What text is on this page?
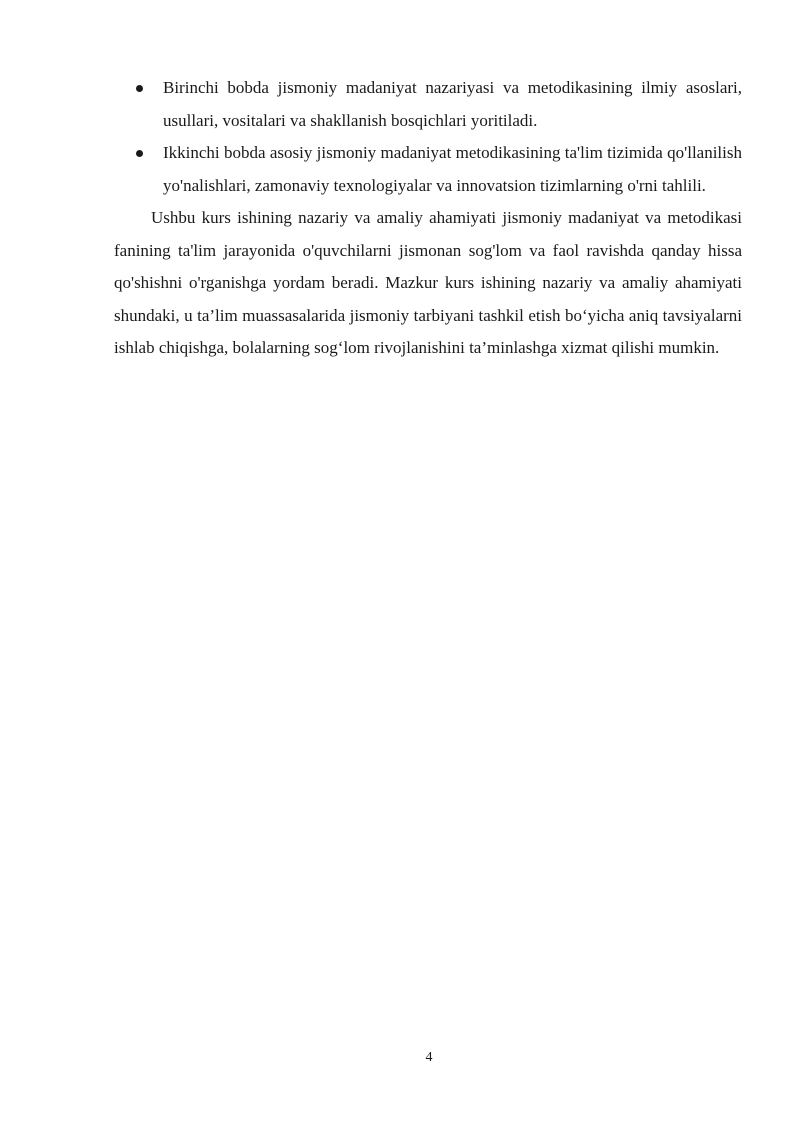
Birinchi bobda jismoniy madaniyat nazariyasi va metodikasining ilmiy asoslari, usullari, vositalari va shakllanish bosqichlari yoritiladi.
Ikkinchi bobda asosiy jismoniy madaniyat metodikasining ta'lim tizimida qo'llanilish yo'nalishlari, zamonaviy texnologiyalar va innovatsion tizimlarning o'rni tahlili.

Ushbu kurs ishining nazariy va amaliy ahamiyati jismoniy madaniyat va metodikasi fanining ta'lim jarayonida o'quvchilarni jismonan sog'lom va faol ravishda qanday hissa qo'shishni o'rganishga yordam beradi. Mazkur kurs ishining nazariy va amaliy ahamiyati shundaki, u ta’lim muassasalarida jismoniy tarbiyani tashkil etish bo‘yicha aniq tavsiyalarni ishlab chiqishga, bolalarning sog‘lom rivojlanishini ta’minlashga xizmat qilishi mumkin.

4
